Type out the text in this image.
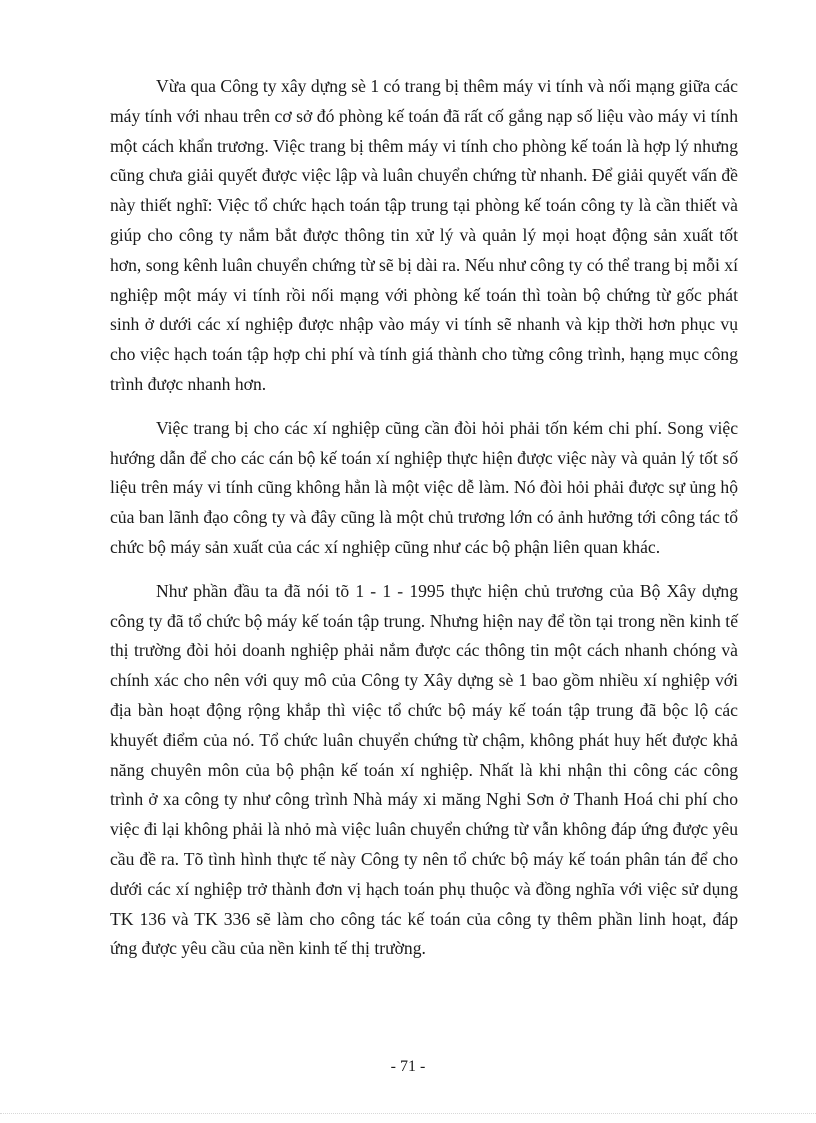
Vừa qua Công ty xây dựng sè 1 có trang bị thêm máy vi tính và nối mạng giữa các máy tính với nhau trên cơ sở đó phòng kế toán đã rất cố gắng nạp số liệu vào máy vi tính một cách khẩn trương. Việc trang bị thêm máy vi tính cho phòng kế toán là hợp lý nhưng cũng chưa giải quyết được việc lập và luân chuyển chứng từ nhanh. Để giải quyết vấn đề này thiết nghĩ: Việc tổ chức hạch toán tập trung tại phòng kế toán công ty là cần thiết và giúp cho công ty nắm bắt được thông tin xử lý và quản lý mọi hoạt động sản xuất tốt hơn, song kênh luân chuyển chứng từ sẽ bị dài ra. Nếu như công ty có thể trang bị mỗi xí nghiệp một máy vi tính rồi nối mạng với phòng kế toán thì toàn bộ chứng từ gốc phát sinh ở dưới các xí nghiệp được nhập vào máy vi tính sẽ nhanh và kịp thời hơn phục vụ cho việc hạch toán tập hợp chi phí và tính giá thành cho từng công trình, hạng mục công trình được nhanh hơn.

Việc trang bị cho các xí nghiệp cũng cần đòi hỏi phải tốn kém chi phí. Song việc hướng dẫn để cho các cán bộ kế toán xí nghiệp thực hiện được việc này và quản lý tốt số liệu trên máy vi tính cũng không hẳn là một việc dễ làm. Nó đòi hỏi phải được sự ủng hộ của ban lãnh đạo công ty và đây cũng là một chủ trương lớn có ảnh hưởng tới công tác tổ chức bộ máy sản xuất của các xí nghiệp cũng như các bộ phận liên quan khác.

Như phần đầu ta đã nói tõ 1 - 1 - 1995 thực hiện chủ trương của Bộ Xây dựng công ty đã tổ chức bộ máy kế toán tập trung. Nhưng hiện nay để tồn tại trong nền kinh tế thị trường đòi hỏi doanh nghiệp phải nắm được các thông tin một cách nhanh chóng và chính xác cho nên với quy mô của Công ty Xây dựng sè 1 bao gồm nhiều xí nghiệp với địa bàn hoạt động rộng khắp thì việc tổ chức bộ máy kế toán tập trung đã bộc lộ các khuyết điểm của nó. Tổ chức luân chuyển chứng từ chậm, không phát huy hết được khả năng chuyên môn của bộ phận kế toán xí nghiệp. Nhất là khi nhận thi công các công trình ở xa công ty như công trình Nhà máy xi măng Nghi Sơn ở Thanh Hoá chi phí cho việc đi lại không phải là nhỏ mà việc luân chuyển chứng từ vẫn không đáp ứng được yêu cầu đề ra. Tõ tình hình thực tế này Công ty nên tổ chức bộ máy kế toán phân tán để cho dưới các xí nghiệp trở thành đơn vị hạch toán phụ thuộc và đồng nghĩa với việc sử dụng TK 136 và TK 336 sẽ làm cho công tác kế toán của công ty thêm phần linh hoạt, đáp ứng được yêu cầu của nền kinh tế thị trường.

- 71 -
